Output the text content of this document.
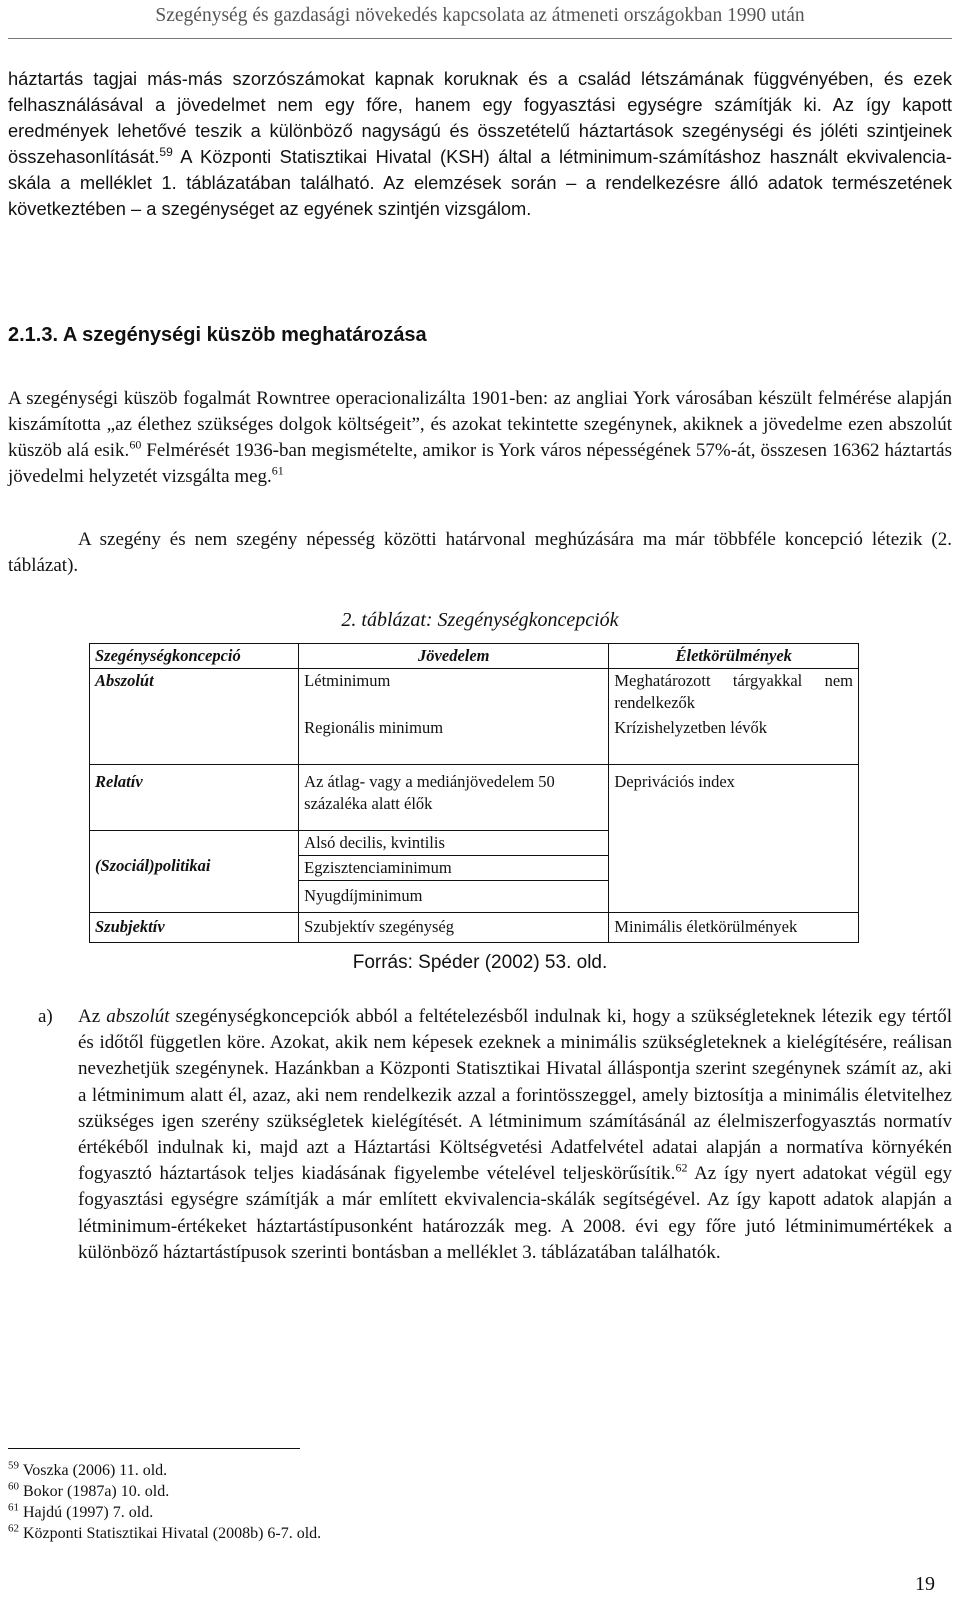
Szegénység és gazdasági növekedés kapcsolata az átmeneti országokban 1990 után

háztartás tagjai más-más szorzószámokat kapnak koruknak és a család létszámának függvényében, és ezek felhasználásával a jövedelmet nem egy főre, hanem egy fogyasztási egységre számítják ki. Az így kapott eredmények lehetővé teszik a különböző nagyságú és összetételű háztartások szegénységi és jóléti szintjeinek összehasonlítását.$^{59}$ A Központi Statisztikai Hivatal (KSH) által a létminimum-számításhoz használt ekvivalencia-skála a melléklet 1. táblázatában található. Az elemzések során – a rendelkezésre álló adatok természetének következtében – a szegénységet az egyének szintjén vizsgálom.

2.1.3. A szegénységi küszöb meghatározása

A szegénységi küszöb fogalmát Rowntree operacionalizálta 1901-ben: az angliai York városában készült felmérése alapján kiszámította „az élethez szükséges dolgok költségeit”, és azokat tekintette szegénynek, akiknek a jövedelme ezen abszolút küszöb alá esik.$^{60}$ Felmérését 1936-ban megismételte, amikor is York város népességének 57%-át, összesen 16362 háztartás jövedelmi helyzetét vizsgálta meg.$^{61}$

A szegény és nem szegény népesség közötti határvonal meghúzására ma már többféle koncepció létezik (2. táblázat).

2. táblázat: Szegénységkoncepciók
Szegénységkoncepció	Jövedelem	Életkörülmények
Abszolút	Létminimum	Meghatározott tárgyakkal nem rendelkezők
	Regionális minimum	Krízishelyzetben lévők
Relatív	Az átlag- vagy a mediánjövedelem 50 százaléka alatt élők	Deprivációs index
(Szociál)politikai	Alsó decilis, kvintilis	
	Egzisztenciaminimum	
	Nyugdíjminimum	
Szubjektív	Szubjektív szegénység	Minimális életkörülmények
Forrás: Spéder (2002) 53. old.
a) Az abszolút szegénységkoncepciók abból a feltételezésből indulnak ki, hogy a szükségleteknek létezik egy tértől és időtől független köre. Azokat, akik nem képesek ezeknek a minimális szükségleteknek a kielégítésére, reálisan nevezhetjük szegénynek. Hazánkban a Központi Statisztikai Hivatal álláspontja szerint szegénynek számít az, aki a létminimum alatt él, azaz, aki nem rendelkezik azzal a forintösszeggel, amely biztosítja a minimális életvitelhez szükséges igen szerény szükségletek kielégítését. A létminimum számításánál az élelmiszerfogyasztás normatív értékéből indulnak ki, majd azt a Háztartási Költségvetési Adatfelvétel adatai alapján a normatíva környékén fogyasztó háztartások teljes kiadásának figyelembe vételével teljeskörűsítik.$^{62}$ Az így nyert adatokat végül egy fogyasztási egységre számítják a már említett ekvivalencia-skálák segítségével. Az így kapott adatok alapján a létminimum-értékeket háztartástípusonként határozzák meg. A 2008. évi egy főre jutó létminimumértékek a különböző háztartástípusok szerinti bontásban a melléklet 3. táblázatában találhatók.
$^{59}$ Voszka (2006) 11. old.
$^{60}$ Bokor (1987a) 10. old.
$^{61}$ Hajdú (1997) 7. old.
$^{62}$ Központi Statisztikai Hivatal (2008b) 6-7. old.
19
